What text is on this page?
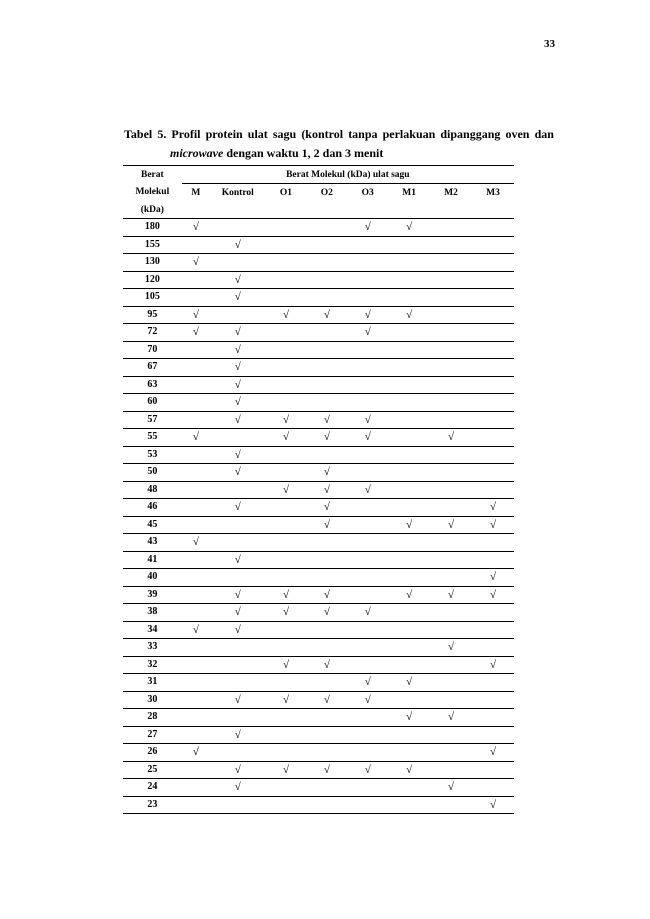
33
Tabel 5. Profil protein ulat sagu (kontrol tanpa perlakuan dipanggang oven dan
microwave dengan waktu 1, 2 dan 3 menit
Berat	Berat Molekul (kDa) ulat sagu							
Molekul	M	Kontrol	O1	O2	O3	M1	M2	M3
(kDa)								
180	√				√	√		
155		√						
130	√							
120		√						
105		√						
95	√		√	√	√	√		
72	√	√			√			
70		√						
67		√						
63		√						
60		√						
57		√	√	√	√			
55	√		√	√	√		√	
53		√						
50		√		√				
48			√	√	√			
46		√		√				√
45				√		√	√	√
43	√							
41		√						
40								√
39		√	√	√		√	√	√
38		√	√	√	√			
34	√	√						
33							√	
32			√	√				√
31					√	√		
30		√	√	√	√			
28						√	√	
27		√						
26	√							√
25		√	√	√	√	√		
24		√					√	
23								√
